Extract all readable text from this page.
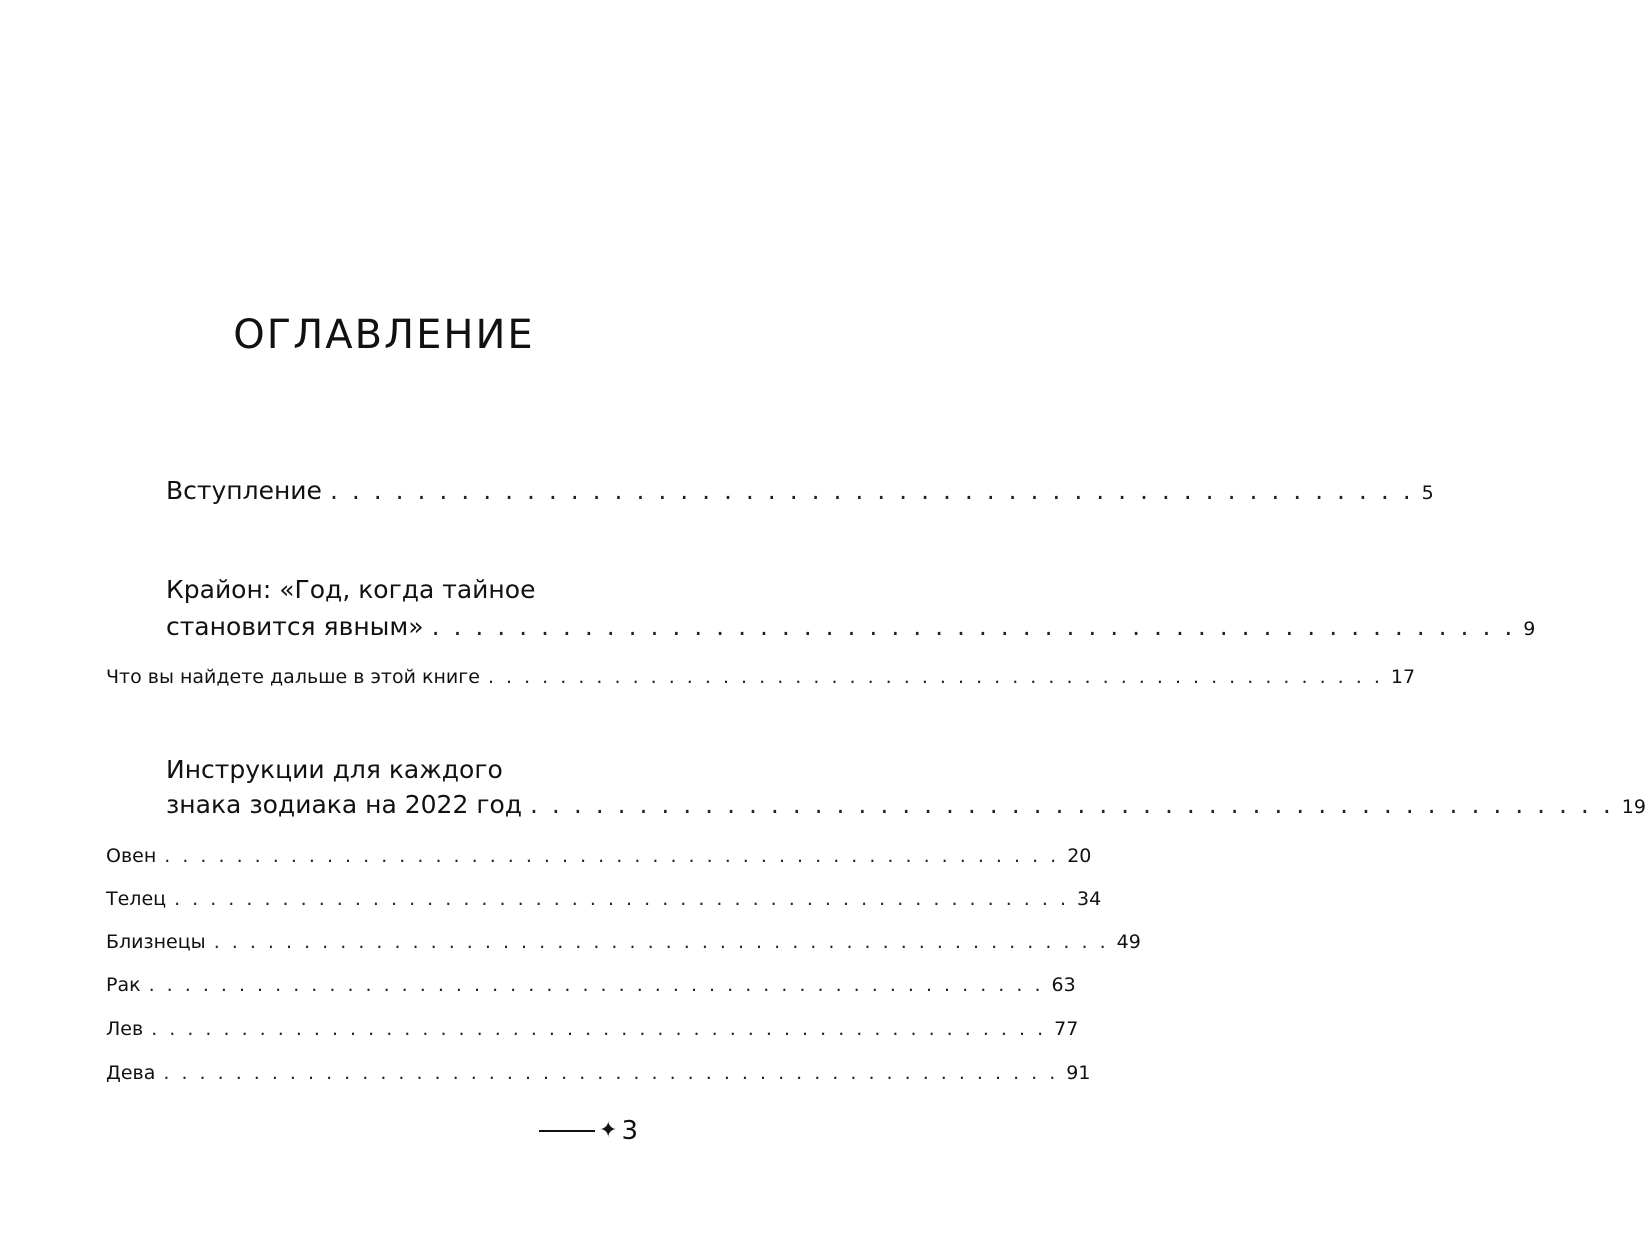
ОГЛАВЛЕНИЕ
Вступление . . . . . . . . . . . . . . . . . . . . . . . . . . . . . . . . . . . . . . . . . . . . . . . . . . 5
Крайон: «Год, когда тайное
становится явным» . . . . . . . . . . . . . . . . . . . . . . . . . . . . . . . . . . . . . . . . . . . . . . . . . . 9
Что вы найдете дальше в этой книге . . . . . . . . . . . . . . . . . . . . . . . . . . . . . . . . . . . . . . . . . . . . . . . . . . 17
Инструкции для каждого
знака зодиака на 2022 год . . . . . . . . . . . . . . . . . . . . . . . . . . . . . . . . . . . . . . . . . . . . . . . . . . 19
Овен . . . . . . . . . . . . . . . . . . . . . . . . . . . . . . . . . . . . . . . . . . . . . . . . . . 20
Телец . . . . . . . . . . . . . . . . . . . . . . . . . . . . . . . . . . . . . . . . . . . . . . . . . . 34
Близнецы . . . . . . . . . . . . . . . . . . . . . . . . . . . . . . . . . . . . . . . . . . . . . . . . . . 49
Рак . . . . . . . . . . . . . . . . . . . . . . . . . . . . . . . . . . . . . . . . . . . . . . . . . . 63
Лев . . . . . . . . . . . . . . . . . . . . . . . . . . . . . . . . . . . . . . . . . . . . . . . . . . 77
Дева . . . . . . . . . . . . . . . . . . . . . . . . . . . . . . . . . . . . . . . . . . . . . . . . . . 91
✦ 3
